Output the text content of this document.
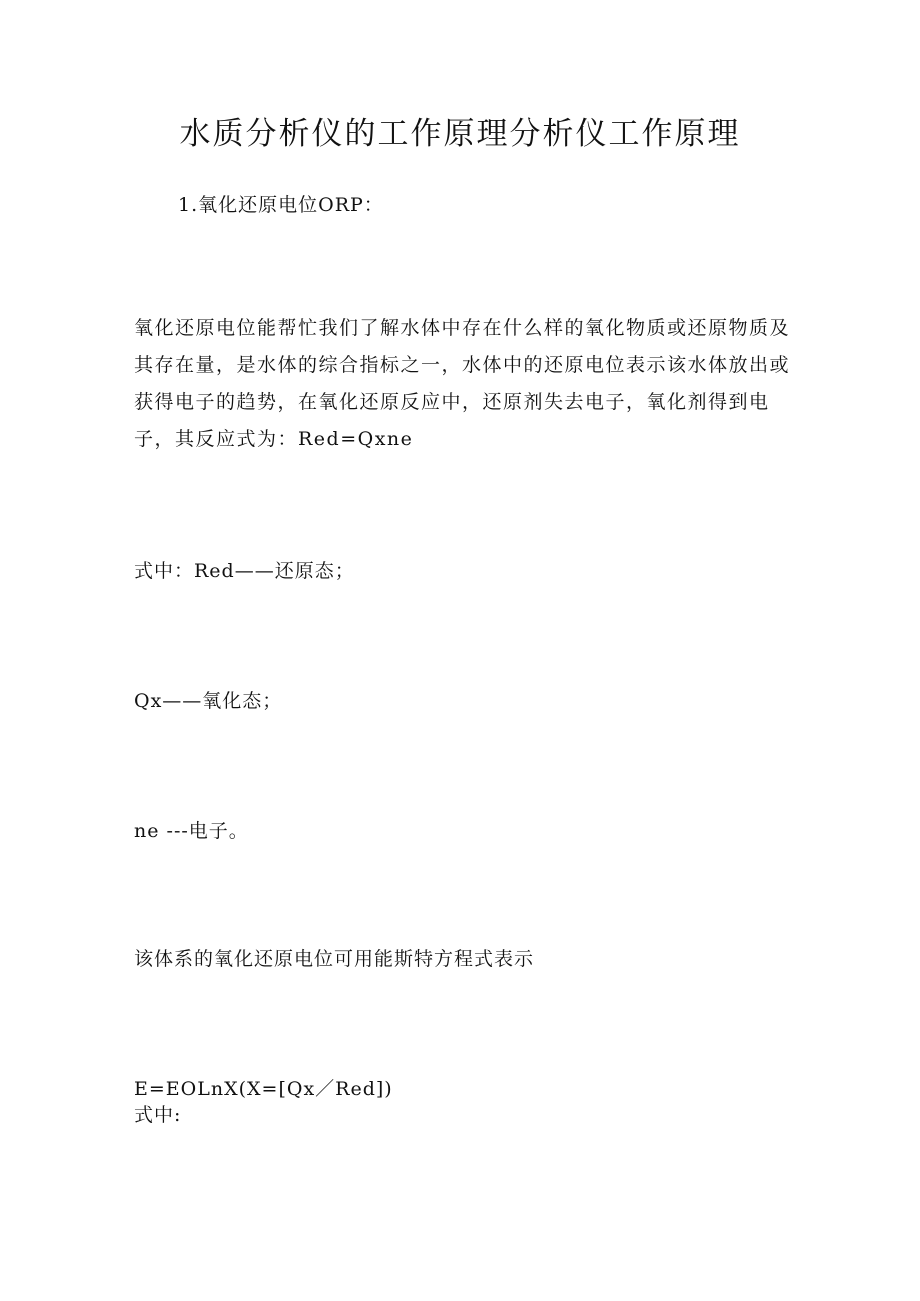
水质分析仪的工作原理分析仪工作原理
1.氧化还原电位ORP：
氧化还原电位能帮忙我们了解水体中存在什么样的氧化物质或还原物质及其存在量，是水体的综合指标之一，水体中的还原电位表示该水体放出或获得电子的趋势，在氧化还原反应中，还原剂失去电子，氧化剂得到电子，其反应式为：Red=Qxne
式中：Red——还原态；
Qx——氧化态；
ne ---电子。
该体系的氧化还原电位可用能斯特方程式表示
E=EOLnX(X=[Qx／Red])
式中:
